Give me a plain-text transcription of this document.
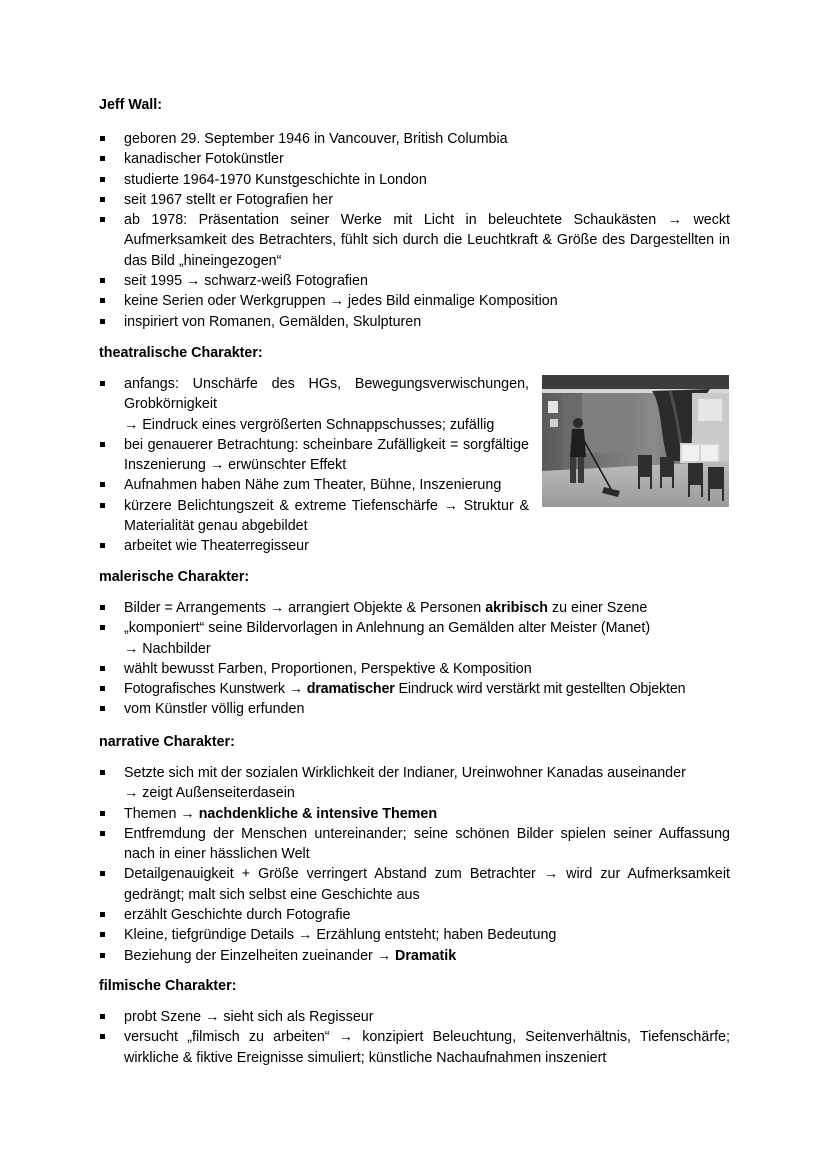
Jeff Wall:
geboren 29. September 1946 in Vancouver, British Columbia
kanadischer Fotokünstler
studierte 1964-1970 Kunstgeschichte in London
seit 1967 stellt er Fotografien her
ab 1978: Präsentation seiner Werke mit Licht in beleuchtete Schaukästen → weckt Aufmerksamkeit des Betrachters, fühlt sich durch die Leuchtkraft & Größe des Dargestellten in das Bild „hineingezogen“
seit 1995 → schwarz-weiß Fotografien
keine Serien oder Werkgruppen → jedes Bild einmalige Komposition
inspiriert von Romanen, Gemälden, Skulpturen
theatralische Charakter:
anfangs: Unschärfe des HGs, Bewegungsverwischungen, Grobkörnigkeit
→ Eindruck eines vergrößerten Schnappschusses; zufällig
bei genauerer Betrachtung: scheinbare Zufälligkeit = sorgfältige Inszenierung → erwünschter Effekt
Aufnahmen haben Nähe zum Theater, Bühne, Inszenierung
kürzere Belichtungszeit & extreme Tiefenschärfe → Struktur & Materialität genau abgebildet
arbeitet wie Theaterregisseur
malerische Charakter:
Bilder = Arrangements → arrangiert Objekte & Personen akribisch zu einer Szene
„komponiert“ seine Bildervorlagen in Anlehnung an Gemälden alter Meister (Manet)
→ Nachbilder
wählt bewusst Farben, Proportionen, Perspektive & Komposition
Fotografisches Kunstwerk → dramatischer Eindruck wird verstärkt mit gestellten Objekten
vom Künstler völlig erfunden
narrative Charakter:
Setzte sich mit der sozialen Wirklichkeit der Indianer, Ureinwohner Kanadas auseinander
→ zeigt Außenseiterdasein
Themen → nachdenkliche & intensive Themen
Entfremdung der Menschen untereinander; seine schönen Bilder spielen seiner Auffassung nach in einer hässlichen Welt
Detailgenauigkeit + Größe verringert Abstand zum Betrachter → wird zur Aufmerksamkeit gedrängt; malt sich selbst eine Geschichte aus
erzählt Geschichte durch Fotografie
Kleine, tiefgründige Details → Erzählung entsteht; haben Bedeutung
Beziehung der Einzelheiten zueinander → Dramatik
filmische Charakter:
probt Szene → sieht sich als Regisseur
versucht „filmisch zu arbeiten“ → konzipiert Beleuchtung, Seitenverhältnis, Tiefenschärfe; wirkliche & fiktive Ereignisse simuliert; künstliche Nachaufnahmen inszeniert
